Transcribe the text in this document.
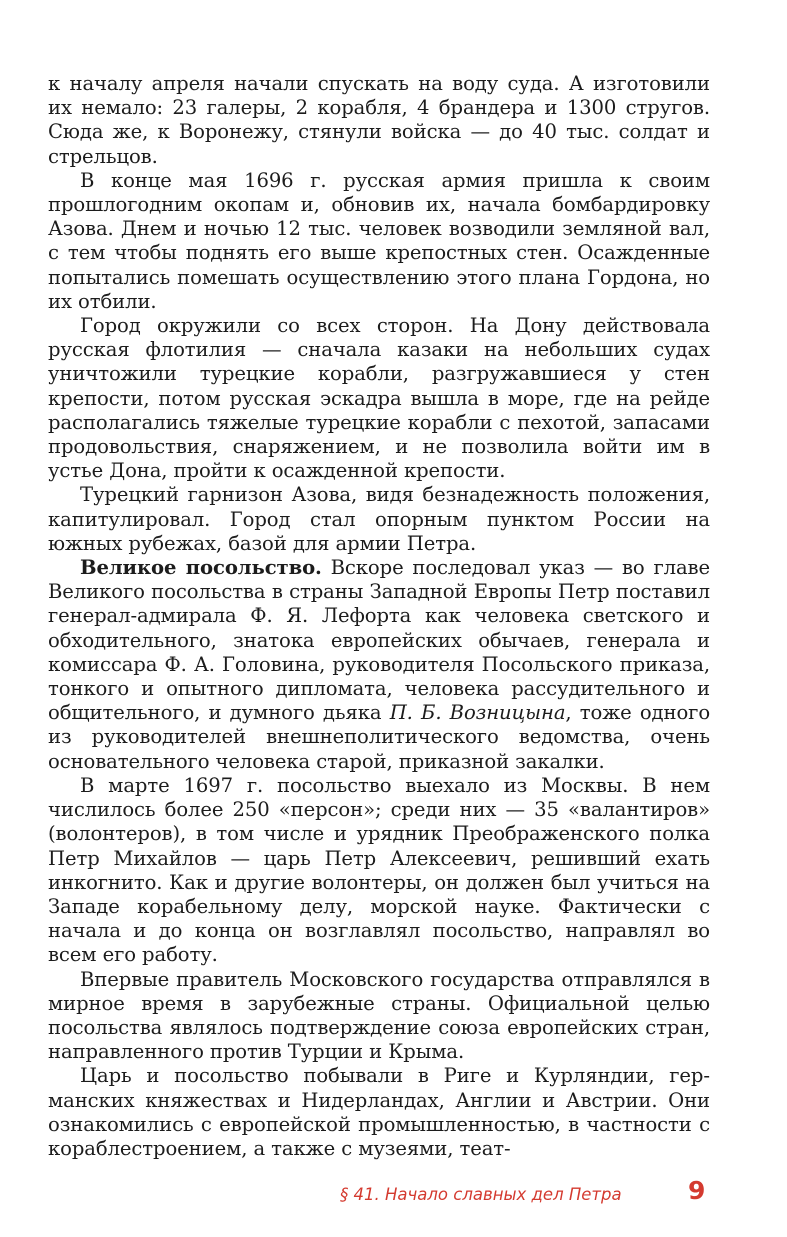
к началу апреля начали спускать на воду суда. А изготовили их немало: 23 галеры, 2 корабля, 4 брандера и 1300 стругов. Сюда же, к Воронежу, стянули войска — до 40 тыс. солдат и стрельцов.

В конце мая 1696 г. русская армия пришла к своим прошлогодним окопам и, обновив их, начала бомбардировку Азова. Днем и ночью 12 тыс. человек возводили земляной вал, с тем чтобы поднять его выше крепостных стен. Осажденные попытались помешать осуществлению этого плана Гордона, но их отбили.

Город окружили со всех сторон. На Дону действовала русская флотилия — сначала казаки на небольших судах уничтожили турецкие корабли, разгружавшиеся у стен крепости, потом русская эскадра вышла в море, где на рейде располагались тяжелые турецкие корабли с пехотой, запасами продовольствия, снаряжением, и не позволила войти им в устье Дона, пройти к осажденной крепости.

Турецкий гарнизон Азова, видя безнадежность положения, капитулировал. Город стал опорным пунктом России на южных рубежах, базой для армии Петра.

Великое посольство. Вскоре последовал указ — во главе Великого посольства в страны Западной Европы Петр поставил генерал-адмирала Ф. Я. Лефорта как человека светского и обходительного, знатока европейских обычаев, генерала и комиссара Ф. А. Головина, руководителя Посольского приказа, тонкого и опытного дипломата, человека рассудительного и общительного, и думного дьяка П. Б. Возницына, тоже одного из руководителей внешнеполитического ведомства, очень основательного человека старой, приказной закалки.

В марте 1697 г. посольство выехало из Москвы. В нем числилось более 250 «персон»; среди них — 35 «валантиров» (волонтеров), в том числе и урядник Преображенского полка Петр Михайлов — царь Петр Алексеевич, решивший ехать инкогнито. Как и другие волонтеры, он должен был учиться на Западе корабельному делу, морской науке. Фактически с начала и до конца он возглавлял посольство, направлял во всем его работу.

Впервые правитель Московского государства отправлялся в мирное время в зарубежные страны. Официальной целью посольства являлось подтверждение союза европейских стран, направленного против Турции и Крыма.

Царь и посольство побывали в Риге и Курляндии, германских княжествах и Нидерландах, Англии и Австрии. Они ознакомились с европейской промышленностью, в частности с кораблестроением, а также с музеями, теат-

§ 41. Начало славных дел Петра	9
